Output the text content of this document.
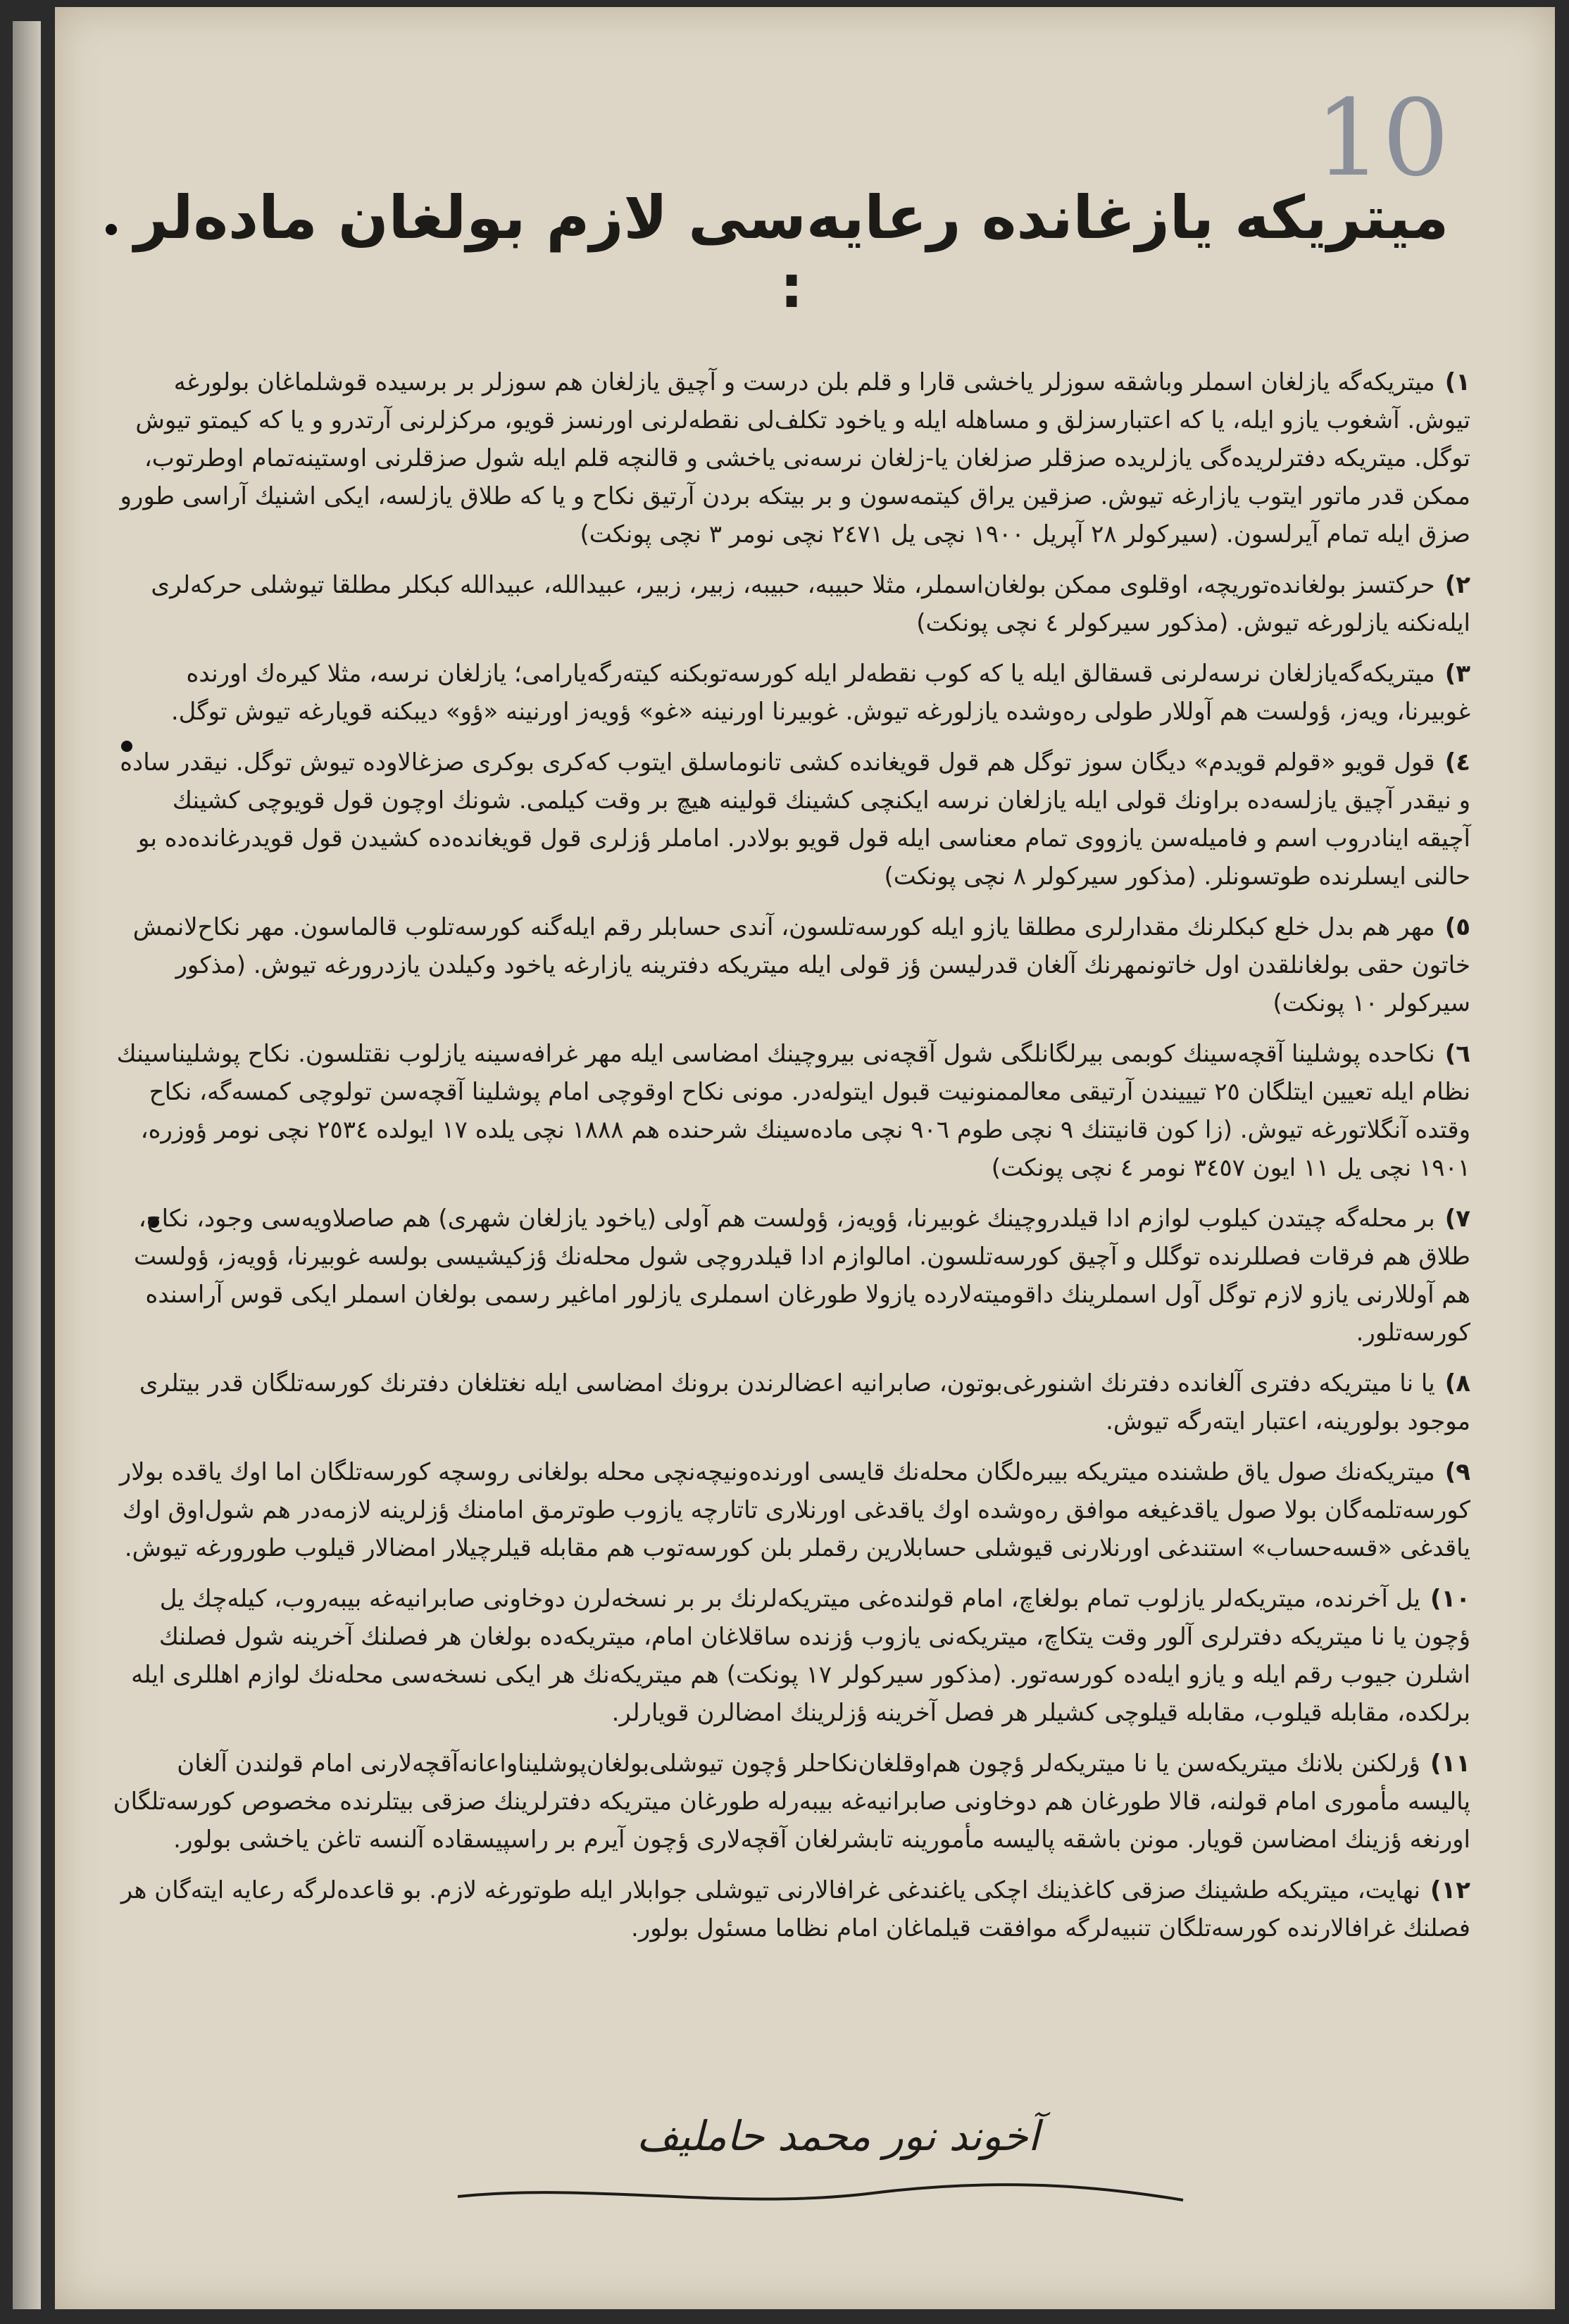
10
میتریکه یازغانده رعایه‌سی لازم بولغان ماده‌لر :
١)میتریکه‌گه یازلغان اسملر وباشقه سوزلر یاخشی قارا و قلم بلن درست و آچیق یازلغان هم سوزلر بر برسیده قوشلماغان بولورغه تیوش. آشغوب یازو ایله، یا که اعتبارسزلق و مساهله ایله و یاخود تکلف‌لی نقطه‌لرنی اورنسز قویو، مرکزلرنی آرتدرو و یا که کیمتو تیوش توگل. میتریکه دفترلریده‌گی یازلریده صزقلر صزلغان یا-زلغان نرسه‌نی یاخشی و قالنچه قلم ایله شول صزقلرنی اوستینه‌تمام اوطرتوب، ممکن قدر ماتور ایتوب یازارغه تیوش. صزقین یراق کیتمه‌سون و بر بیتکه بردن آرتیق نکاح و یا که طلاق یازلسه، ایکی اشنیك آراسی طورو صزق ایله تمام آیرلسون. (سیرکولر ٢٨ آپریل ١٩٠٠ نچی یل ٢٤٧١ نچی نومر ٣ نچی پونکت)
٢)حرکتسز بولغانده‌توریچه، اوقلوی ممکن بولغان‌اسملر، مثلا حبیبه، حبیبه، زبیر، زبیر، عبیدالله، عبیدالله کبکلر مطلقا تیوشلی حرکه‌لری ایله‌نکنه یازلورغه تیوش. (مذکور سیرکولر ٤ نچی پونکت)
٣)میتریکه‌گه‌یازلغان نرسه‌لرنی قسقالق ایله یا که کوب نقطه‌لر ایله کورسه‌توبکنه کیته‌رگه‌یارامی؛ یازلغان نرسه، مثلا کیره‌ك اورنده غوبیرنا، ویه‌ز، ؤولست هم آوللار طولی ره‌وشده یازلورغه تیوش. غوبیرنا اورنینه «غو» ؤویه‌ز اورنینه «ؤو» دیبکنه قویارغه تیوش توگل.
٤)قول قویو «قولم قویدم» دیگان سوز توگل هم قول قویغانده کشی تانوماسلق ایتوب که‌کری بوکری صزغالاوده تیوش توگل. نیقدر ساده و نیقدر آچیق یازلسه‌ده براونك قولی ایله یازلغان نرسه ایکنچی کشینك قولینه هیچ بر وقت کیلمی. شونك اوچون قول قویوچی کشینك آچیقه اینادروب اسم و فامیله‌سن یازووی تمام معناسی ایله قول قویو بولادر. اماملر ؤزلری قول قویغانده‌ده کشیدن قول قویدرغانده‌ده بو حالنی ایسلرنده طوتسونلر. (مذکور سیرکولر ٨ نچی پونکت)
٥)مهر هم بدل خلع کبکلرنك مقدارلری مطلقا یازو ایله کورسه‌تلسون، آندی حسابلر رقم ایله‌گنه کورسه‌تلوب قالماسون. مهر نکاح‌لانمش خاتون حقی بولغانلقدن اول خاتونمهرنك آلغان قدرلیسن ؤز قولی ایله میتریکه دفترینه یازارغه یاخود وکیلدن یازدرورغه تیوش. (مذکور سیرکولر ١٠ پونکت)
٦)نکاحده پوشلینا آقچه‌سینك کوبمی بیرلگانلگی شول آقچه‌نی بیروچینك امضاسی ایله مهر غرافه‌سینه یازلوب نقتلسون. نکاح پوشلیناسینك نظام ایله تعیین ایتلگان ٢٥ تیییندن آرتیقی معالممنونیت قبول ایتوله‌در. مونی نکاح اوقوچی امام پوشلینا آقچه‌سن تولوچی کمسه‌گه، نکاح وقتده آنگلاتورغه تیوش. (زا کون قانیتنك ٩ نچی طوم ٩٠٦ نچی ماده‌سینك شرحنده هم ١٨٨٨ نچی یلده ١٧ ایولده ٢٥٣٤ نچی نومر ؤوزره، ١٩٠١ نچی یل ١١ ایون ٣٤٥٧ نومر ٤ نچی پونکت)
٧)بر محله‌گه چیتدن کیلوب لوازم ادا قیلدروچینك غوبیرنا، ؤویه‌ز، ؤولست هم آولی (یاخود یازلغان شهری) هم صاصلاویه‌سی وجود، نکاح، طلاق هم فرقات فصللرنده توگلل و آچیق کورسه‌تلسون. امالوازم ادا قیلدروچی شول محله‌نك ؤزکیشیسی بولسه غوبیرنا، ؤویه‌ز، ؤولست هم آوللارنی یازو لازم توگل آول اسملرینك داقومیته‌لارده یازولا طورغان اسملری یازلور اماغیر رسمی بولغان اسملر ایکی قوس آراسنده کورسه‌تلور.
٨)یا نا میتریکه دفتری آلغانده دفترنك اشنورغی‌بوتون، صابرانیه اعضالرندن برونك امضاسی ایله نغتلغان دفترنك کورسه‌تلگان قدر بیتلری موجود بولورینه، اعتبار ایته‌رگه تیوش.
٩)میتریکه‌نك صول یاق طشنده میتریکه بیبره‌لگان محله‌نك قایسی اورنده‌ونیچه‌نچی محله بولغانی روسچه کورسه‌تلگان اما اوك یاقده بولار کورسه‌تلمه‌گان بولا صول یاقدغیغه موافق ره‌وشده اوك یاقدغی اورنلاری تاتارچه یازوب طوترمق امامنك ؤزلرینه لازمه‌در هم شول‌اوق اوك یاقدغی «قسه‌حساب» استندغی اورنلارنی قیوشلی حسابلارین رقملر بلن کورسه‌توب هم مقابله قیلرچیلار امضالار قیلوب طورورغه تیوش.
١٠)یل آخرنده، میتریکه‌لر یازلوب تمام بولغاچ، امام قولنده‌غی میتریکه‌لرنك بر بر نسخه‌لرن دوخاونی صابرانیه‌غه بیبه‌روب، کیله‌چك یل ؤچون یا نا میتریکه دفترلری آلور وقت یتکاچ، میتریکه‌نی یازوب ؤزنده ساقلاغان امام، میتریکه‌ده بولغان هر فصلنك آخرینه شول فصلنك اشلرن جیوب رقم ایله و یازو ایله‌ده کورسه‌تور. (مذکور سیرکولر ١٧ پونکت) هم میتریکه‌نك هر ایکی نسخه‌سی محله‌نك لوازم اهللری ایله برلکده، مقابله قیلوب، مقابله قیلوچی کشیلر هر فصل آخرینه ؤزلرینك امضالرن قویارلر.
١١)ؤرلکنن بلانك میتریکه‌سن یا نا میتریکه‌لر ؤچون هم‌اوقلغان‌نکاحلر ؤچون تیوشلی‌بولغان‌پوشلینا‌واعانه‌آقچه‌لارنی امام قولندن آلغان پالیسه مأموری امام قولنه، قالا طورغان هم دوخاونی صابرانیه‌غه بیبه‌رله طورغان میتریکه دفترلرینك صزقی بیتلرنده مخصوص کورسه‌تلگان اورنغه ؤزینك امضاسن قویار. مونن باشقه پالیسه مأمورینه تابشرلغان آقچه‌لاری ؤچون آیرم بر راسپیسقاده آلنسه تاغن یاخشی بولور.
١٢)نهایت، میتریکه طشینك صزقی کاغذینك اچکی یاغندغی غرافالارنی تیوشلی جوابلار ایله طوتورغه لازم. بو قاعده‌لرگه رعایه ایته‌گان هر فصلنك غرافالارنده کورسه‌تلگان تنبیه‌لرگه موافقت قیلماغان امام نظاما مسئول بولور.
آخوند نور محمد حاملیف
